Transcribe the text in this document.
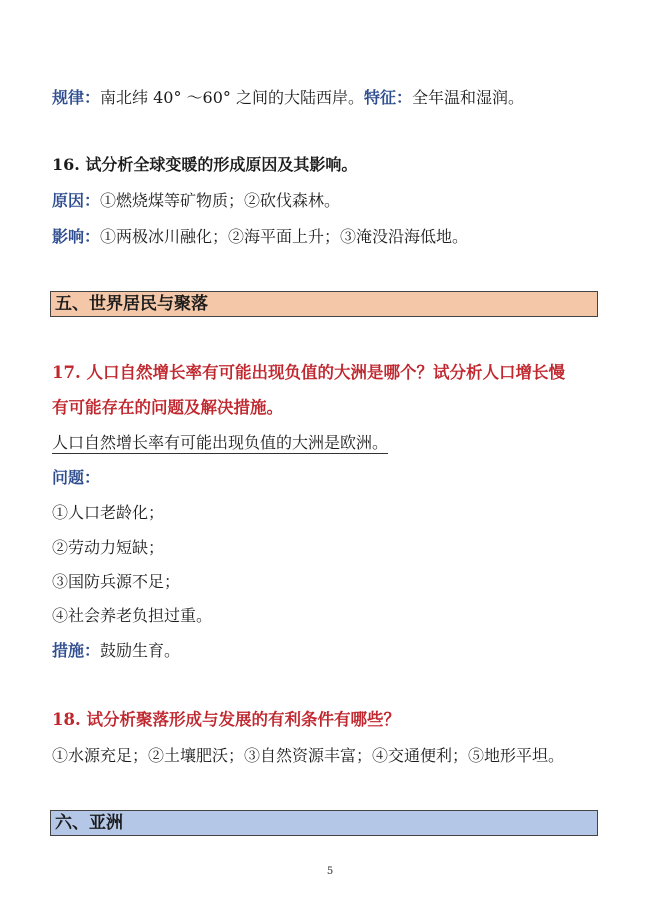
规律：南北纬 40° ～60° 之间的大陆西岸。特征：全年温和湿润。
16. 试分析全球变暖的形成原因及其影响。
原因：①燃烧煤等矿物质；②砍伐森林。
影响：①两极冰川融化；②海平面上升；③淹没沿海低地。
五、世界居民与聚落
17. 人口自然增长率有可能出现负值的大洲是哪个？试分析人口增长慢
有可能存在的问题及解决措施。
人口自然增长率有可能出现负值的大洲是欧洲。
问题：
①人口老龄化；
②劳动力短缺；
③国防兵源不足；
④社会养老负担过重。
措施：鼓励生育。
18. 试分析聚落形成与发展的有利条件有哪些？
①水源充足；②土壤肥沃；③自然资源丰富；④交通便利；⑤地形平坦。
六、亚洲
5
